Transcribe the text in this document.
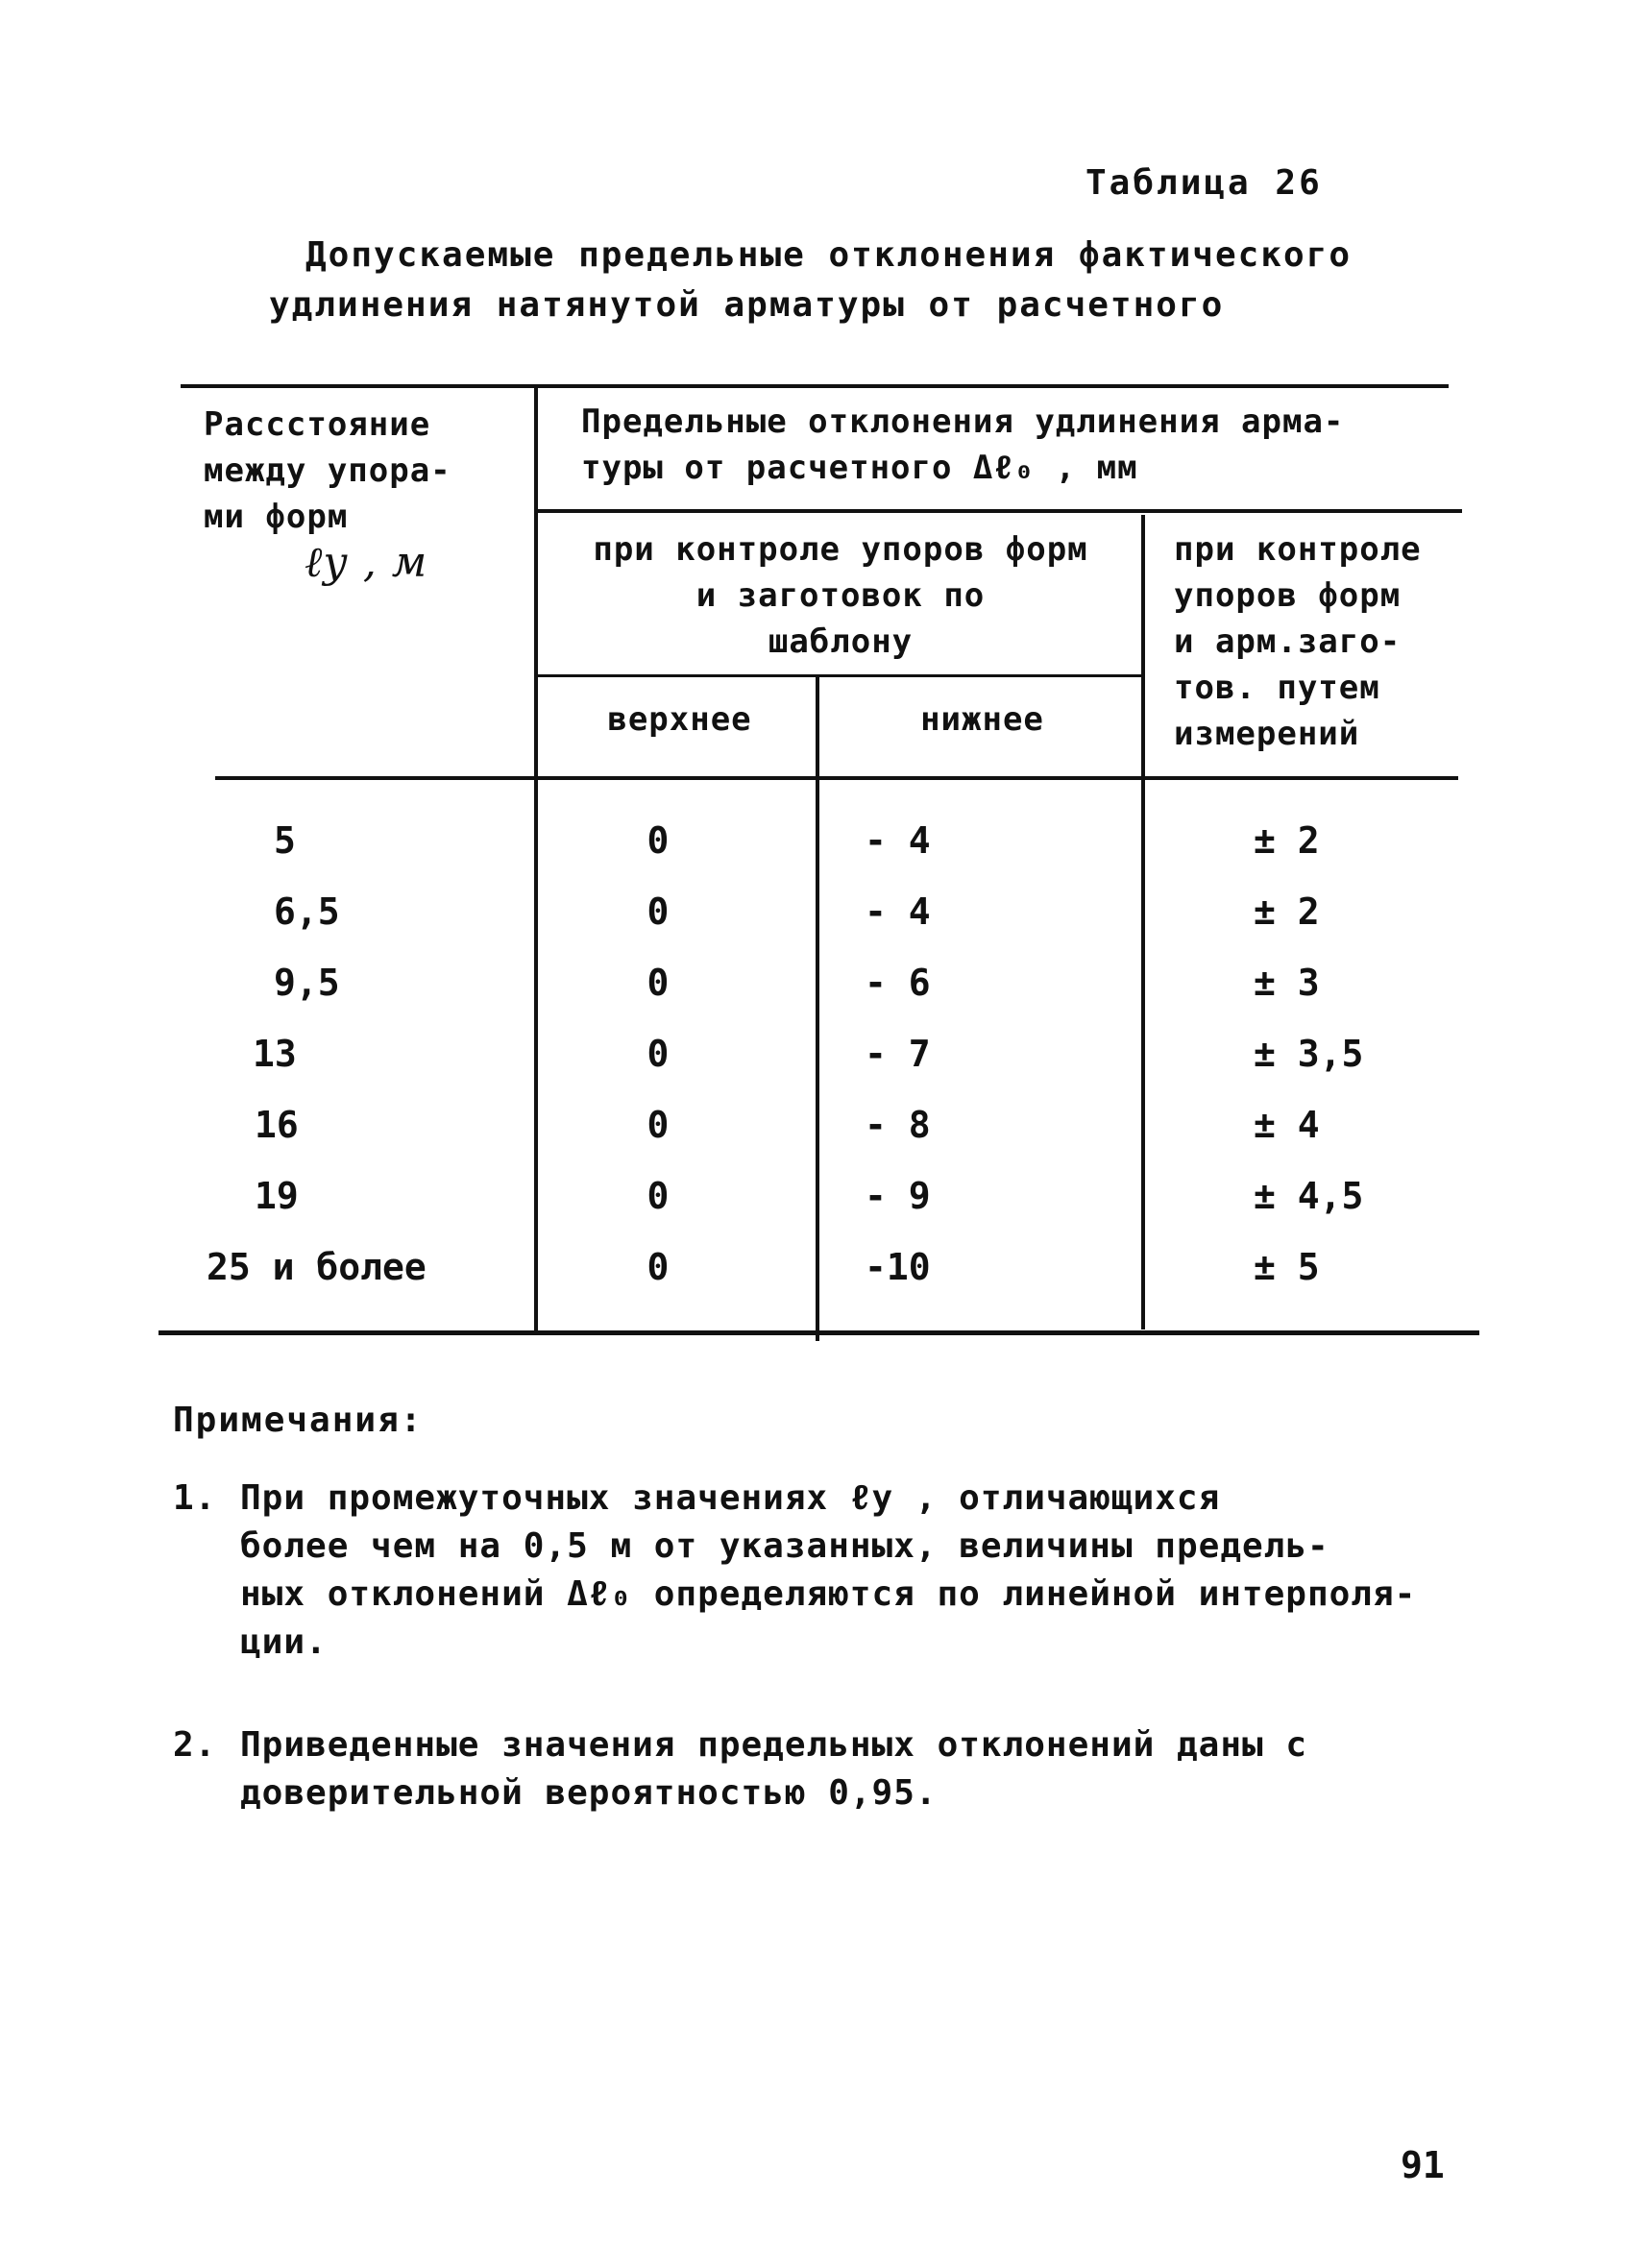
Таблица 26
Допускаемые предельные отклонения фактического
удлинения натянутой арматуры от расчетного
Рассстояние
между упора-
ми форм
ℓу , м
Предельные отклонения удлинения арма-
туры от расчетного Δℓ₀ , мм
при контроле упоров форм
и заготовок по
шаблону
при контроле
упоров форм
и арм.заго-
тов. путем
измерений
верхнее	нижнее
5	0	- 4	± 2
6,5	0	- 4	± 2
9,5	0	- 6	± 3
13	0	- 7	± 3,5
16	0	- 8	± 4
19	0	- 9	± 4,5
25 и более	0	-10	± 5
Примечания:
1. При промежуточных значениях ℓу , отличающихся
более чем на 0,5 м от указанных, величины предель-
ных отклонений Δℓ₀ определяются по линейной интерполя-
ции.
2. Приведенные значения предельных отклонений даны с
доверительной вероятностью 0,95.
91
